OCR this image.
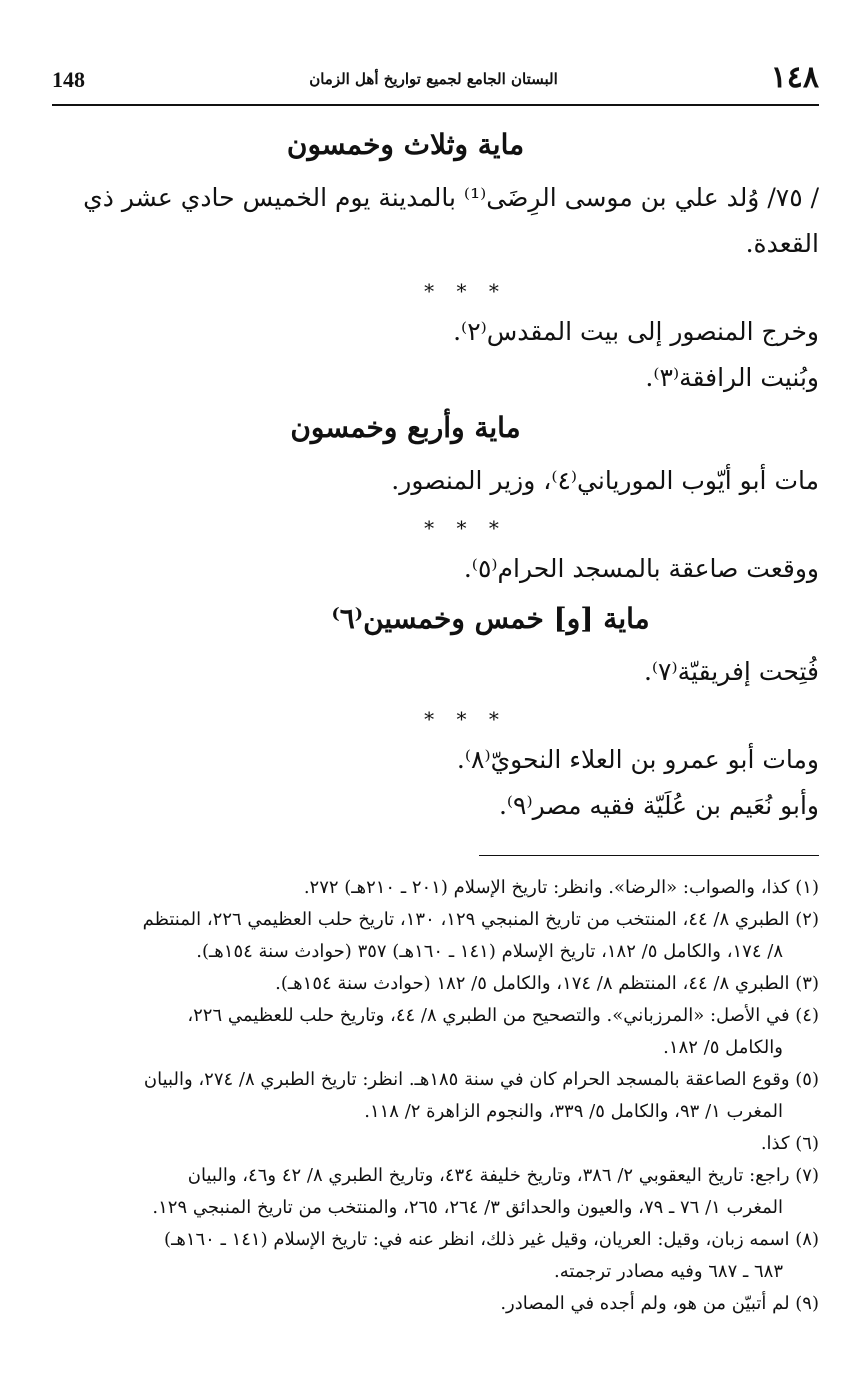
١٤٨
148	البستان الجامع لجميع تواريخ أهل الزمان
ماية وثلاث وخمسون

/ ٧٥/ وُلد علي بن موسى الرِضَى⁽¹⁾ بالمدينة يوم الخميس حادي عشر ذي

القعدة.

* * *

وخرج المنصور إلى بيت المقدس⁽٢⁾.

وبُنيت الرافقة⁽٣⁾.

ماية وأربع وخمسون

مات أبو أيّوب المورياني⁽٤⁾، وزير المنصور.

* * *

ووقعت صاعقة بالمسجد الحرام⁽٥⁾.

ماية [و] خمس وخمسين⁽٦⁾

فُتِحت إفريقيّة⁽٧⁾.

* * *

ومات أبو عمرو بن العلاء النحويّ⁽٨⁾.

وأبو نُعَيم بن عُلَيّة فقيه مصر⁽٩⁾.

(١) كذا، والصواب: «الرضا». وانظر: تاريخ الإسلام (٢٠١ ـ ٢١٠هـ) ٢٧٢.

(٢) الطبري ٨/ ٤٤، المنتخب من تاريخ المنبجي ١٢٩، ١٣٠، تاريخ حلب العظيمي ٢٢٦، المنتظم

٨/ ١٧٤، والكامل ٥/ ١٨٢، تاريخ الإسلام (١٤١ ـ ١٦٠هـ) ٣٥٧ (حوادث سنة ١٥٤هـ).

(٣) الطبري ٨/ ٤٤، المنتظم ٨/ ١٧٤، والكامل ٥/ ١٨٢ (حوادث سنة ١٥٤هـ).

(٤) في الأصل: «المرزباني». والتصحيح من الطبري ٨/ ٤٤، وتاريخ حلب للعظيمي ٢٢٦،

والكامل ٥/ ١٨٢.

(٥) وقوع الصاعقة بالمسجد الحرام كان في سنة ١٨٥هـ. انظر: تاريخ الطبري ٨/ ٢٧٤، والبيان

المغرب ١/ ٩٣، والكامل ٥/ ٣٣٩، والنجوم الزاهرة ٢/ ١١٨.

(٦) كذا.

(٧) راجع: تاريخ اليعقوبي ٢/ ٣٨٦، وتاريخ خليفة ٤٣٤، وتاريخ الطبري ٨/ ٤٢ و٤٦، والبيان

المغرب ١/ ٧٦ ـ ٧٩، والعيون والحدائق ٣/ ٢٦٤، ٢٦٥، والمنتخب من تاريخ المنبجي ١٢٩.

(٨) اسمه زبان، وقيل: العريان، وقيل غير ذلك، انظر عنه في: تاريخ الإسلام (١٤١ ـ ١٦٠هـ)

٦٨٣ ـ ٦٨٧ وفيه مصادر ترجمته.

(٩) لم أتبيّن من هو، ولم أجده في المصادر.
